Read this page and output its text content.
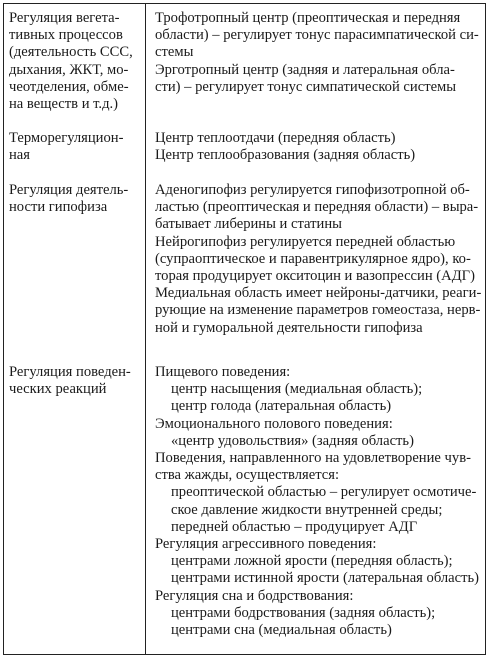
Регуляция вегета-
тивных процессов
(деятельность ССС,
дыхания, ЖКТ, мо-
чеотделения, обме-
на веществ и т.д.)
Трофотропный центр (преоптическая и передняя
области) – регулирует тонус парасимпатической си-
стемы
Эрготропный центр (задняя и латеральная обла-
сти) – регулирует тонус симпатической системы
Терморегуляцион-
ная
Центр теплоотдачи (передняя область)
Центр теплообразования (задняя область)
Регуляция деятель-
ности гипофиза
Аденогипофиз регулируется гипофизотропной об-
ластью (преоптическая и передняя области) – выра-
батывает либерины и статины
Нейрогипофиз регулируется передней областью
(супраоптическое и паравентрикулярное ядро), ко-
торая продуцирует окситоцин и вазопрессин (АДГ)
Медиальная область имеет нейроны-датчики, реаги-
рующие на изменение параметров гомеостаза, нерв-
ной и гуморальной деятельности гипофиза
Регуляция поведен-
ческих реакций
Пищевого поведения:
центр насыщения (медиальная область);
центр голода (латеральная область)
Эмоционального полового поведения:
«центр удовольствия» (задняя область)
Поведения, направленного на удовлетворение чув-
ства жажды, осуществляется:
преоптической областью – регулирует осмотиче-
ское давление жидкости внутренней среды;
передней областью – продуцирует АДГ
Регуляция агрессивного поведения:
центрами ложной ярости (передняя область);
центрами истинной ярости (латеральная область)
Регуляция сна и бодрствования:
центрами бодрствования (задняя область);
центрами сна (медиальная область)
